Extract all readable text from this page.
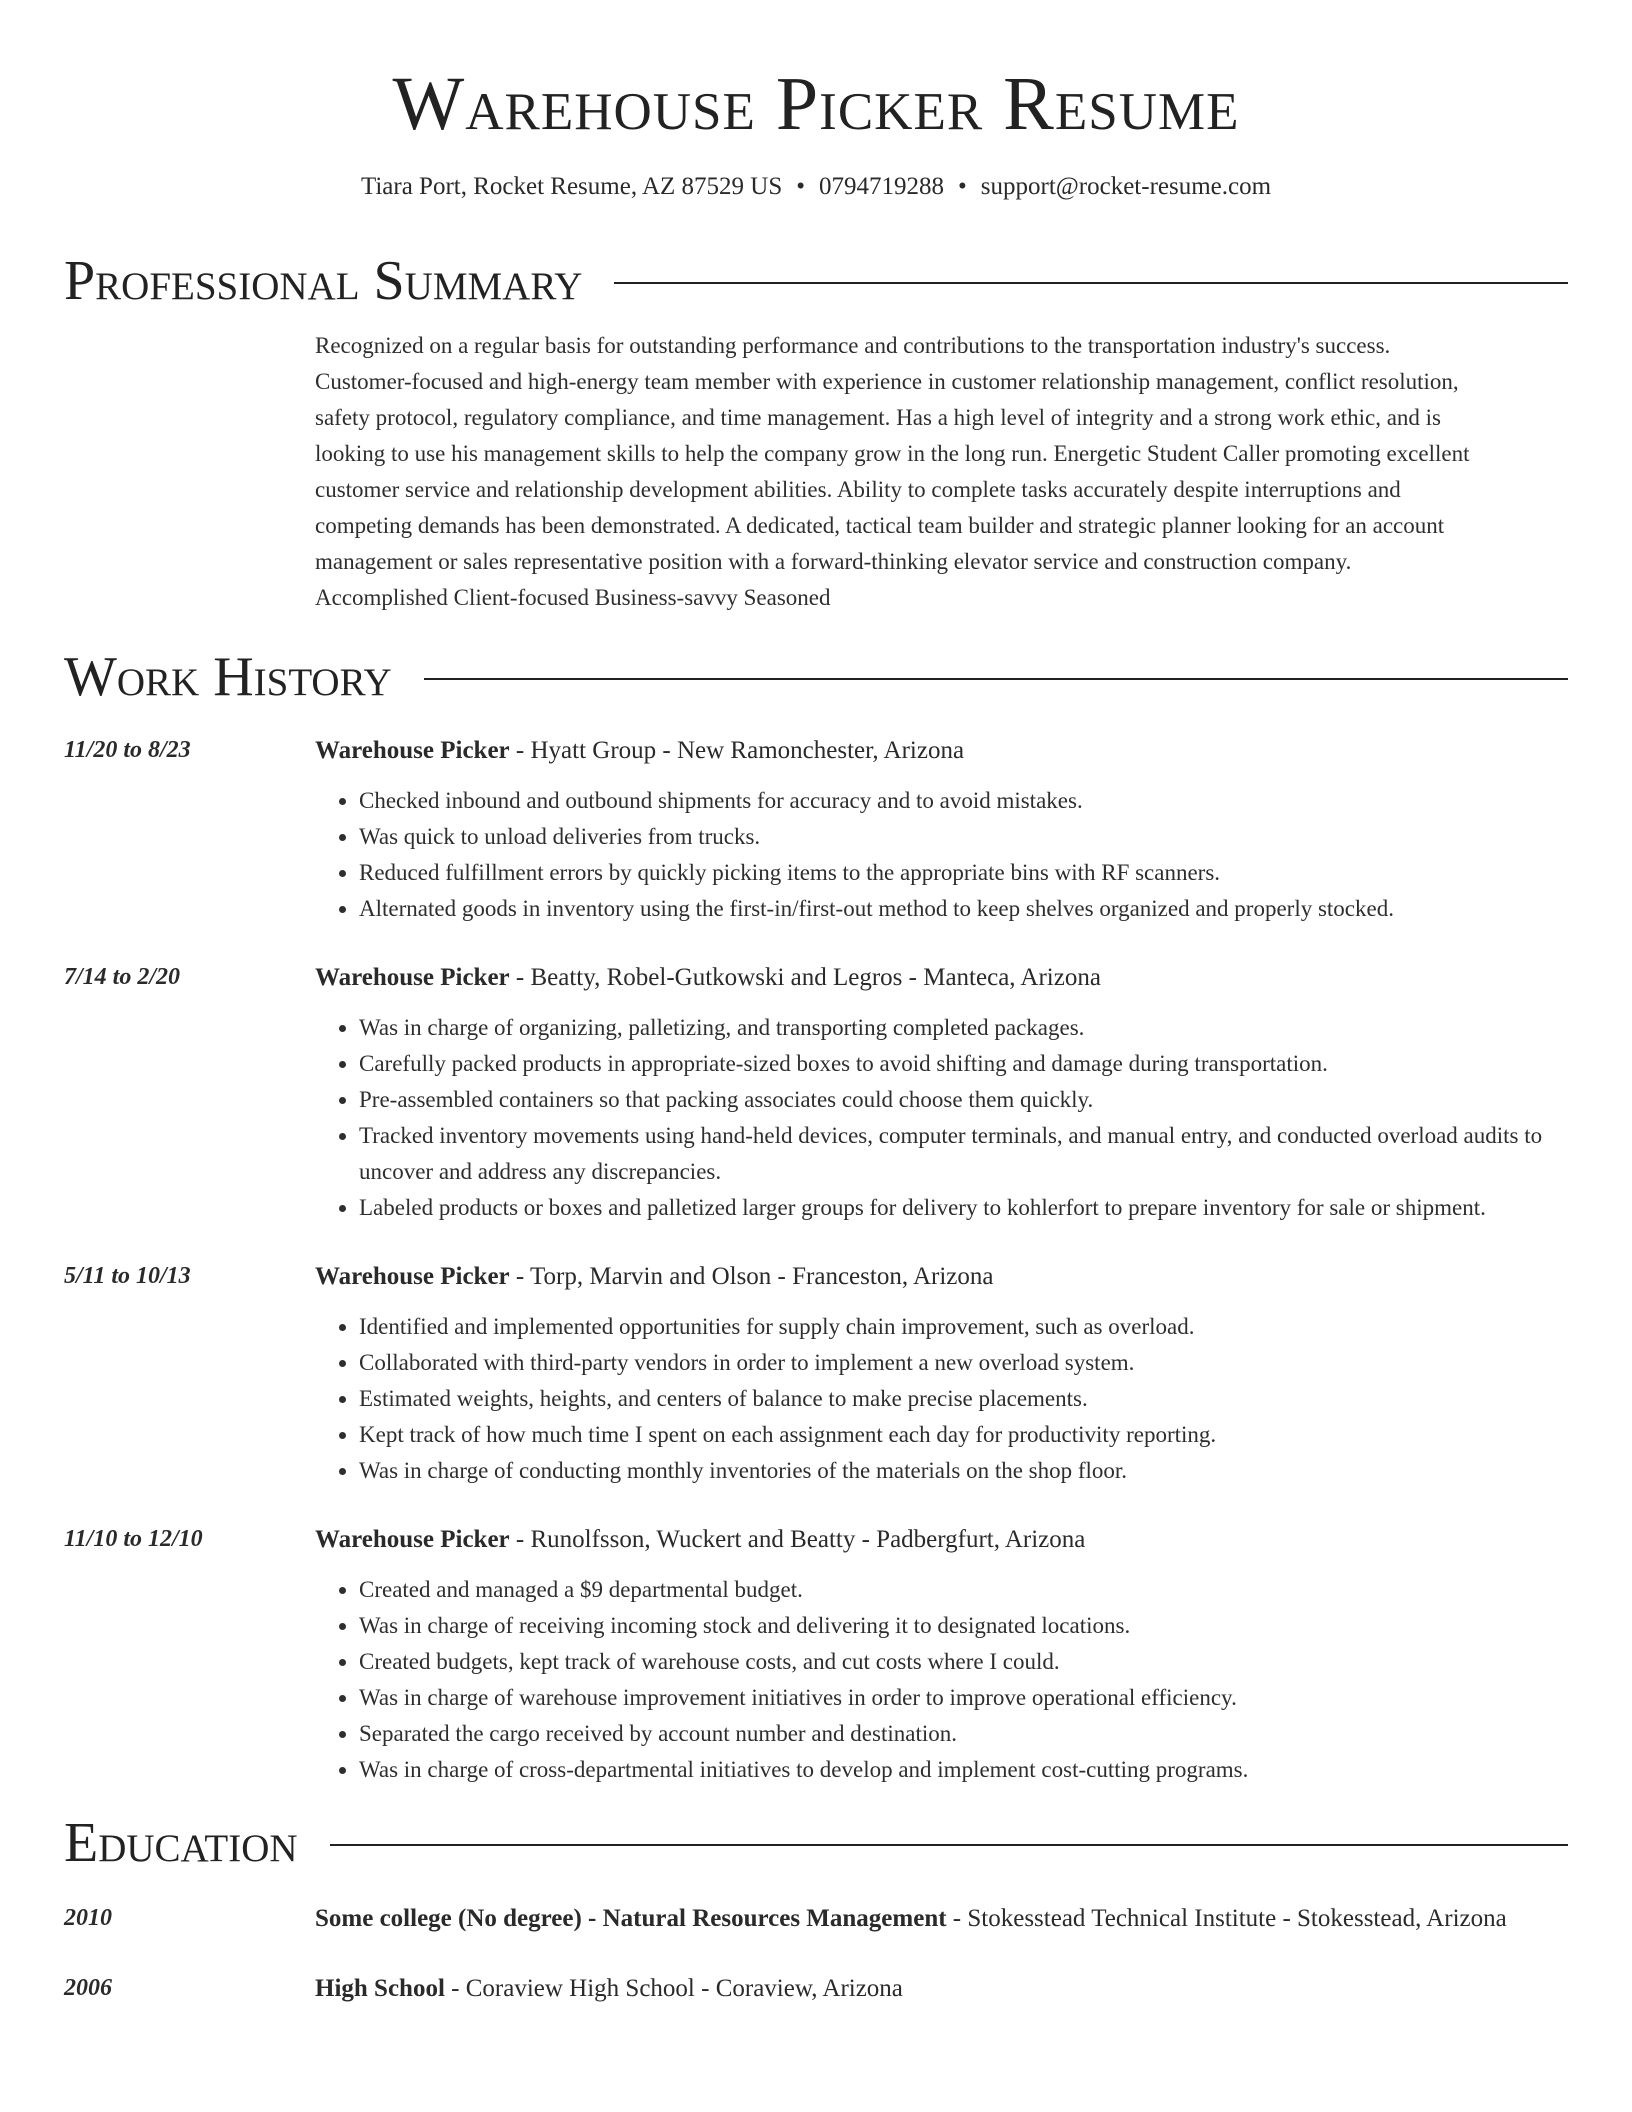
Warehouse Picker Resume
Tiara Port, Rocket Resume, AZ 87529 US • 0794719288 • support@rocket-resume.com
Professional Summary

Recognized on a regular basis for outstanding performance and contributions to the transportation industry's success.

Customer-focused and high-energy team member with experience in customer relationship management, conflict resolution,

safety protocol, regulatory compliance, and time management. Has a high level of integrity and a strong work ethic, and is

looking to use his management skills to help the company grow in the long run. Energetic Student Caller promoting excellent

customer service and relationship development abilities. Ability to complete tasks accurately despite interruptions and

competing demands has been demonstrated. A dedicated, tactical team builder and strategic planner looking for an account

management or sales representative position with a forward-thinking elevator service and construction company.

Accomplished Client-focused Business-savvy Seasoned

Work History
11/20 to 8/23	Warehouse Picker - Hyatt Group - New Ramonchester, Arizona
• Checked inbound and outbound shipments for accuracy and to avoid mistakes.
• Was quick to unload deliveries from trucks.
• Reduced fulfillment errors by quickly picking items to the appropriate bins with RF scanners.
• Alternated goods in inventory using the first-in/first-out method to keep shelves organized and properly stocked.
7/14 to 2/20	Warehouse Picker - Beatty, Robel-Gutkowski and Legros - Manteca, Arizona
• Was in charge of organizing, palletizing, and transporting completed packages.
• Carefully packed products in appropriate-sized boxes to avoid shifting and damage during transportation.
• Pre-assembled containers so that packing associates could choose them quickly.
• Tracked inventory movements using hand-held devices, computer terminals, and manual entry, and conducted overload audits to uncover and address any discrepancies.
• Labeled products or boxes and palletized larger groups for delivery to kohlerfort to prepare inventory for sale or shipment.
5/11 to 10/13	Warehouse Picker - Torp, Marvin and Olson - Franceston, Arizona
• Identified and implemented opportunities for supply chain improvement, such as overload.
• Collaborated with third-party vendors in order to implement a new overload system.
• Estimated weights, heights, and centers of balance to make precise placements.
• Kept track of how much time I spent on each assignment each day for productivity reporting.
• Was in charge of conducting monthly inventories of the materials on the shop floor.
11/10 to 12/10	Warehouse Picker - Runolfsson, Wuckert and Beatty - Padbergfurt, Arizona
• Created and managed a $9 departmental budget.
• Was in charge of receiving incoming stock and delivering it to designated locations.
• Created budgets, kept track of warehouse costs, and cut costs where I could.
• Was in charge of warehouse improvement initiatives in order to improve operational efficiency.
• Separated the cargo received by account number and destination.
• Was in charge of cross-departmental initiatives to develop and implement cost-cutting programs.
Education
2010	Some college (No degree) - Natural Resources Management - Stokesstead Technical Institute - Stokesstead, Arizona
2006	High School - Coraview High School - Coraview, Arizona
